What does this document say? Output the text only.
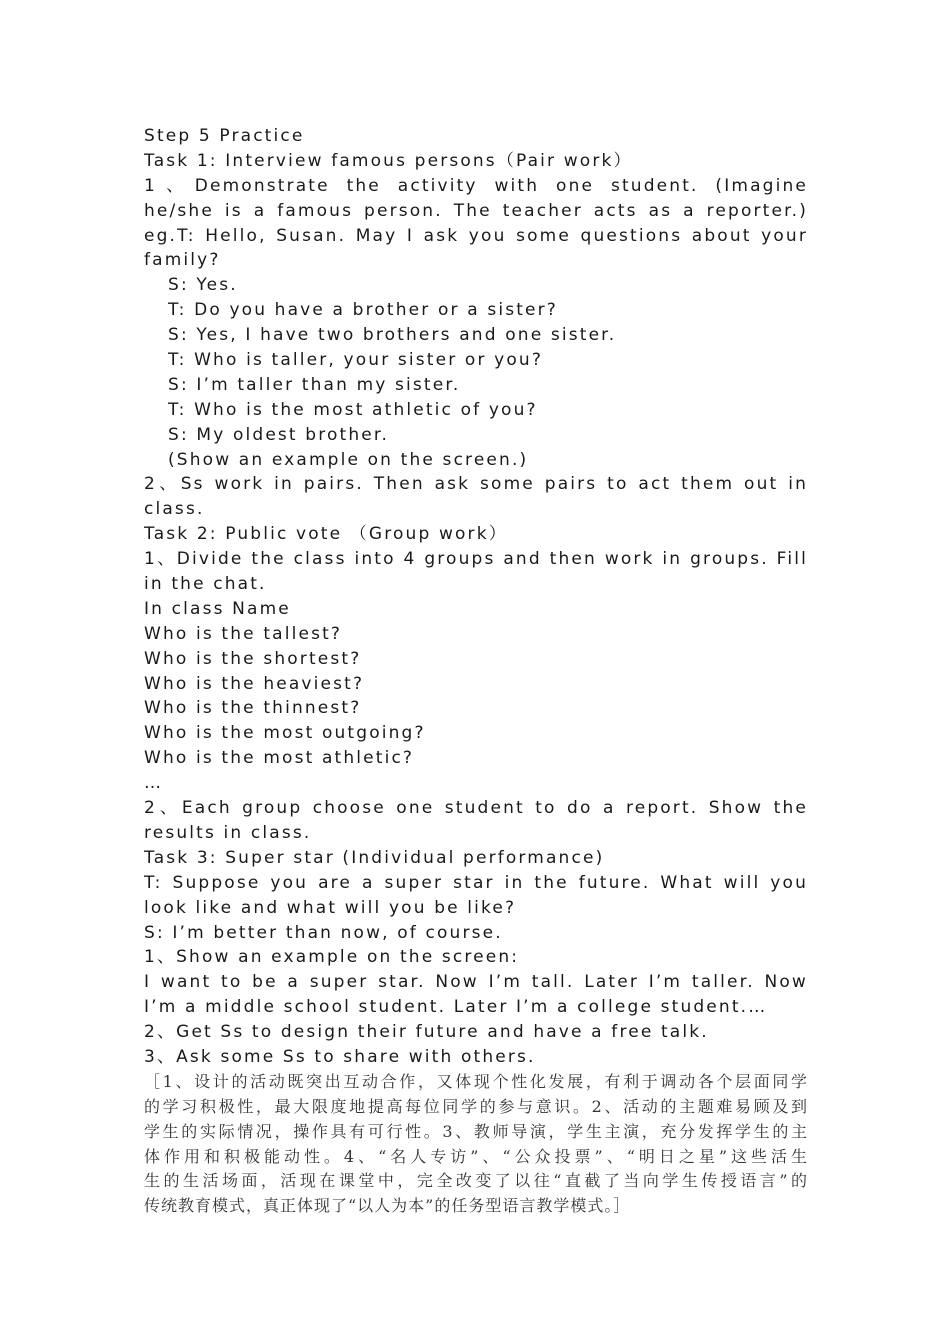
Step 5 Practice
Task 1: Interview famous persons（Pair work）
1、Demonstrate the activity with one student. (Imagine
he/she is a famous person. The teacher acts as a reporter.)
eg.T: Hello, Susan. May I ask you some questions about your
family?
S: Yes.
T: Do you have a brother or a sister?
S: Yes, I have two brothers and one sister.
T: Who is taller, your sister or you?
S: I’m taller than my sister.
T: Who is the most athletic of you?
S: My oldest brother.
(Show an example on the screen.)
2、Ss work in pairs. Then ask some pairs to act them out in
class.
Task 2: Public vote （Group work）
1、Divide the class into 4 groups and then work in groups. Fill
in the chat.
In class Name
Who is the tallest?
Who is the shortest?
Who is the heaviest?
Who is the thinnest?
Who is the most outgoing?
Who is the most athletic?
…
2、Each group choose one student to do a report. Show the
results in class.
Task 3: Super star (Individual performance)
T: Suppose you are a super star in the future. What will you
look like and what will you be like?
S: I’m better than now, of course.
1、Show an example on the screen:
I want to be a super star. Now I’m tall. Later I’m taller. Now
I’m a middle school student. Later I’m a college student.…
2、Get Ss to design their future and have a free talk.
3、Ask some Ss to share with others.
［1、设计的活动既突出互动合作，又体现个性化发展，有利于调动各个层面同学
的学习积极性，最大限度地提高每位同学的参与意识。2、活动的主题难易顾及到
学生的实际情况，操作具有可行性。3、教师导演，学生主演，充分发挥学生的主
体作用和积极能动性。4、“名人专访”、“公众投票”、“明日之星”这些活生
生的生活场面，活现在课堂中，完全改变了以往“直截了当向学生传授语言”的
传统教育模式，真正体现了“以人为本”的任务型语言教学模式。］
